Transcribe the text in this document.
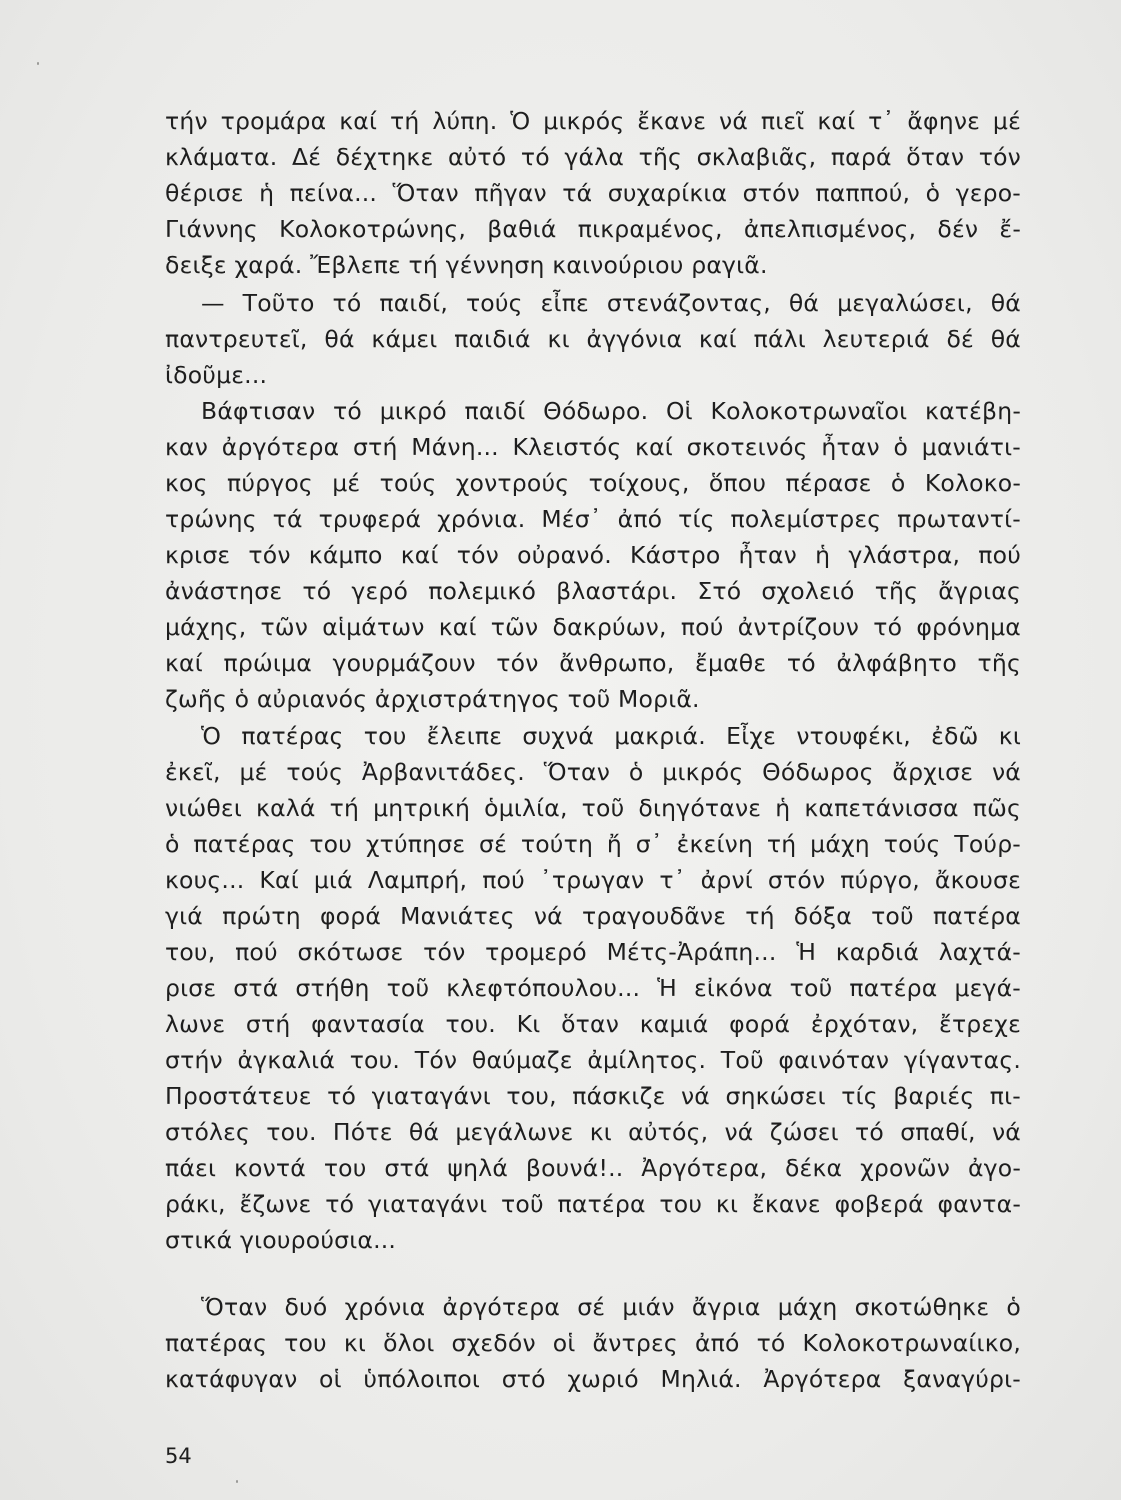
τήν τρομάρα καί τή λύπη. Ὁ μικρός ἔκανε νά πιεῖ καί τ᾽ ἄφηνε μέ
κλάματα. Δέ δέχτηκε αὐτό τό γάλα τῆς σκλαβιᾶς, παρά ὅταν τόν
θέρισε ἡ πείνα... Ὅταν πῆγαν τά συχαρίκια στόν παππού, ὁ γερο-
Γιάννης Κολοκοτρώνης, βαθιά πικραμένος, ἀπελπισμένος, δέν ἔ-
δειξε χαρά. Ἔβλεπε τή γέννηση καινούριου ραγιᾶ.
— Τοῦτο τό παιδί, τούς εἶπε στενάζοντας, θά μεγαλώσει, θά
παντρευτεῖ, θά κάμει παιδιά κι ἀγγόνια καί πάλι λευτεριά δέ θά
ἰδοῦμε...
Βάφτισαν τό μικρό παιδί Θόδωρο. Οἱ Κολοκοτρωναῖοι κατέβη-
καν ἀργότερα στή Μάνη... Κλειστός καί σκοτεινός ἦταν ὁ μανιάτι-
κος πύργος μέ τούς χοντρούς τοίχους, ὅπου πέρασε ὁ Κολοκο-
τρώνης τά τρυφερά χρόνια. Μέσ᾽ ἀπό τίς πολεμίστρες πρωταντί-
κρισε τόν κάμπο καί τόν οὐρανό. Κάστρο ἦταν ἡ γλάστρα, πού
ἀνάστησε τό γερό πολεμικό βλαστάρι. Στό σχολειό τῆς ἄγριας
μάχης, τῶν αἱμάτων καί τῶν δακρύων, πού ἀντρίζουν τό φρόνημα
καί πρώιμα γουρμάζουν τόν ἄνθρωπο, ἔμαθε τό ἀλφάβητο τῆς
ζωῆς ὁ αὐριανός ἀρχιστράτηγος τοῦ Μοριᾶ.
Ὁ πατέρας του ἔλειπε συχνά μακριά. Εἶχε ντουφέκι, ἐδῶ κι
ἐκεῖ, μέ τούς Ἀρβανιτάδες. Ὅταν ὁ μικρός Θόδωρος ἄρχισε νά
νιώθει καλά τή μητρική ὁμιλία, τοῦ διηγότανε ἡ καπετάνισσα πῶς
ὁ πατέρας του χτύπησε σέ τούτη ἤ σ᾽ ἐκείνη τή μάχη τούς Τούρ-
κους... Καί μιά Λαμπρή, πού ᾽τρωγαν τ᾽ ἀρνί στόν πύργο, ἄκουσε
γιά πρώτη φορά Μανιάτες νά τραγουδᾶνε τή δόξα τοῦ πατέρα
του, πού σκότωσε τόν τρομερό Μέτς-Ἀράπη... Ἡ καρδιά λαχτά-
ρισε στά στήθη τοῦ κλεφτόπουλου... Ἡ εἰκόνα τοῦ πατέρα μεγά-
λωνε στή φαντασία του. Κι ὅταν καμιά φορά ἐρχόταν, ἔτρεχε
στήν ἀγκαλιά του. Τόν θαύμαζε ἀμίλητος. Τοῦ φαινόταν γίγαντας.
Προστάτευε τό γιαταγάνι του, πάσκιζε νά σηκώσει τίς βαριές πι-
στόλες του. Πότε θά μεγάλωνε κι αὐτός, νά ζώσει τό σπαθί, νά
πάει κοντά του στά ψηλά βουνά!.. Ἀργότερα, δέκα χρονῶν ἀγο-
ράκι, ἔζωνε τό γιαταγάνι τοῦ πατέρα του κι ἔκανε φοβερά φαντα-
στικά γιουρούσια...
Ὅταν δυό χρόνια ἀργότερα σέ μιάν ἄγρια μάχη σκοτώθηκε ὁ
πατέρας του κι ὅλοι σχεδόν οἱ ἄντρες ἀπό τό Κολοκοτρωναίικο,
κατάφυγαν οἱ ὑπόλοιποι στό χωριό Μηλιά. Ἀργότερα ξαναγύρι-
54
